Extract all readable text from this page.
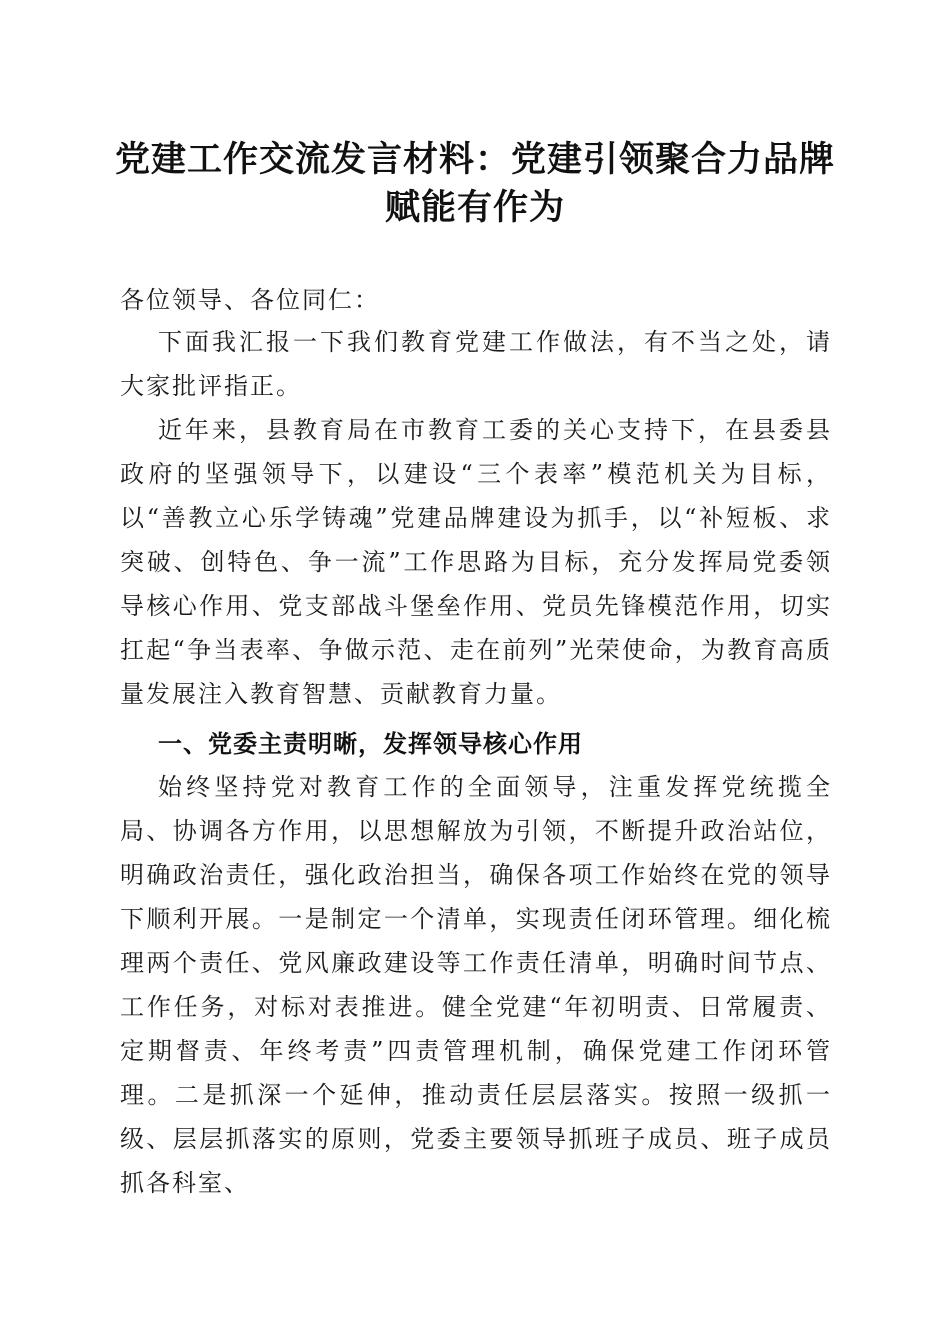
党建工作交流发言材料：党建引领聚合力品牌
赋能有作为

各位领导、各位同仁：

下面我汇报一下我们教育党建工作做法，有不当之处，请大家批评指正。

近年来，县教育局在市教育工委的关心支持下，在县委县政府的坚强领导下，以建设“三个表率”模范机关为目标，以“善教立心乐学铸魂”党建品牌建设为抓手，以“补短板、求突破、创特色、争一流”工作思路为目标，充分发挥局党委领导核心作用、党支部战斗堡垒作用、党员先锋模范作用，切实扛起“争当表率、争做示范、走在前列”光荣使命，为教育高质量发展注入教育智慧、贡献教育力量。

一、党委主责明晰，发挥领导核心作用

始终坚持党对教育工作的全面领导，注重发挥党统揽全局、协调各方作用，以思想解放为引领，不断提升政治站位，明确政治责任，强化政治担当，确保各项工作始终在党的领导下顺利开展。一是制定一个清单，实现责任闭环管理。细化梳理两个责任、党风廉政建设等工作责任清单，明确时间节点、工作任务，对标对表推进。健全党建“年初明责、日常履责、定期督责、年终考责”四责管理机制，确保党建工作闭环管理。二是抓深一个延伸，推动责任层层落实。按照一级抓一级、层层抓落实的原则，党委主要领导抓班子成员、班子成员抓各科室、
